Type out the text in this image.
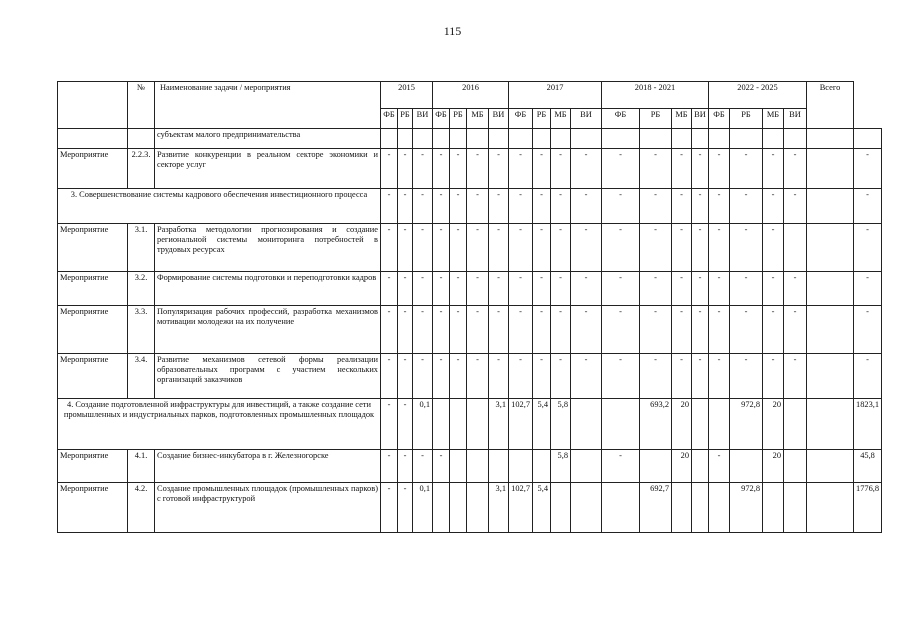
115
	№	Наименование задачи / мероприятия	2015			2016				2017				2018 - 2021				2022 - 2025				Всего	
			ФБ	РБ	ВИ	ФБ	РБ	МБ	ВИ	ФБ	РБ	МБ	ВИ	ФБ	РБ	МБ	ВИ	ФБ	РБ	МБ	ВИ		
		субъектам малого предпринимательства																					
Мероприятие	2.2.3.	Развитие конкуренции в реальном секторе экономики и секторе услуг	-	-	-	-	-	-	-	-	-	-	-	-	-	-	-	-	-	-	-		-
3. Совершенствование системы кадрового обеспечения инвестиционного процесса			-	-	-	-	-	-	-	-	-	-	-	-	-	-	-	-	-	-	-		-
Мероприятие	3.1.	Разработка методологии прогнозирования и создание региональной системы мониторинга потребностей в трудовых ресурсах	-	-	-	-	-	-	-	-	-	-	-	-	-	-	-	-	-	-			-
Мероприятие	3.2.	Формирование системы подготовки и переподготовки кадров	-	-	-	-	-	-	-	-	-	-	-	-	-	-	-	-	-	-	-		-
Мероприятие	3.3.	Популяризация рабочих профессий, разработка механизмов мотивации молодежи на их получение	-	-	-	-	-	-	-	-	-	-	-	-	-	-	-	-	-	-	-		-
Мероприятие	3.4.	Развитие механизмов сетевой формы реализации образовательных программ с участием нескольких организаций заказчиков	-	-	-	-	-	-	-	-	-	-	-	-	-	-	-	-	-	-	-		-
4. Создание подготовленной инфраструктуры для инвестиций, а также создание сети промышленных и индустриальных парков, подготовленных промышленных площадок			-	-	0,1				3,1	102,7	5,4	5,8			693,2	20			972,8	20			1823,1
Мероприятие	4.1.	Создание бизнес-инкубатора в г. Железногорске	-	-	-	-						5,8		-		20		-		20			45,8
Мероприятие	4.2.	Создание промышленных площадок (промышленных парков) с готовой инфраструктурой	-	-	0,1				3,1	102,7	5,4				692,7				972,8				1776,8
